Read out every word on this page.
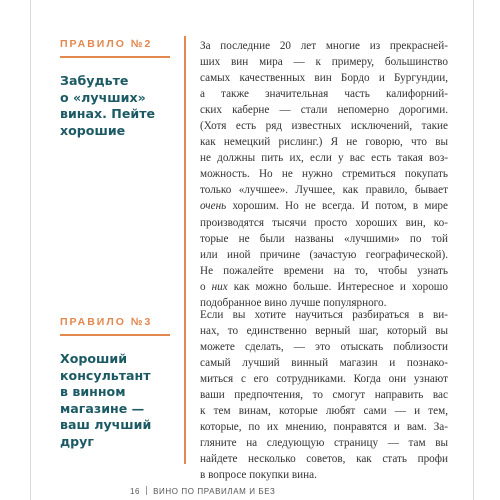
ПРАВИЛО №2
Забудьте
о «лучших»
винах. Пейте
хорошие
За последние 20 лет многие из прекрасней-
ших вин мира — к примеру, большинство
самых качественных вин Бордо и Бургундии,
а также значительная часть калифорний-
ских каберне — стали непомерно дорогими.
(Хотя есть ряд известных исключений, такие
как немецкий рислинг.) Я не говорю, что вы
не должны пить их, если у вас есть такая воз-
можность. Но не нужно стремиться покупать
только «лучшее». Лучшее, как правило, бывает
очень хорошим. Но не всегда. И потом, в мире
производятся тысячи просто хороших вин, ко-
торые не были названы «лучшими» по той
или иной причине (зачастую географической).
Не пожалейте времени на то, чтобы узнать
о них как можно больше. Интересное и хорошо
подобранное вино лучше популярного.
ПРАВИЛО №3
Хороший
консультант
в винном
магазине —
ваш лучший
друг
Если вы хотите научиться разбираться в ви-
нах, то единственно верный шаг, который вы
можете сделать, — это отыскать поблизости
самый лучший винный магазин и познако-
миться с его сотрудниками. Когда они узнают
ваши предпочтения, то смогут направить вас
к тем винам, которые любят сами — и тем,
которые, по их мнению, понравятся и вам. За-
гляните на следующую страницу — там вы
найдете несколько советов, как стать профи
в вопросе покупки вина.
16 ВИНО ПО ПРАВИЛАМ И БЕЗ
